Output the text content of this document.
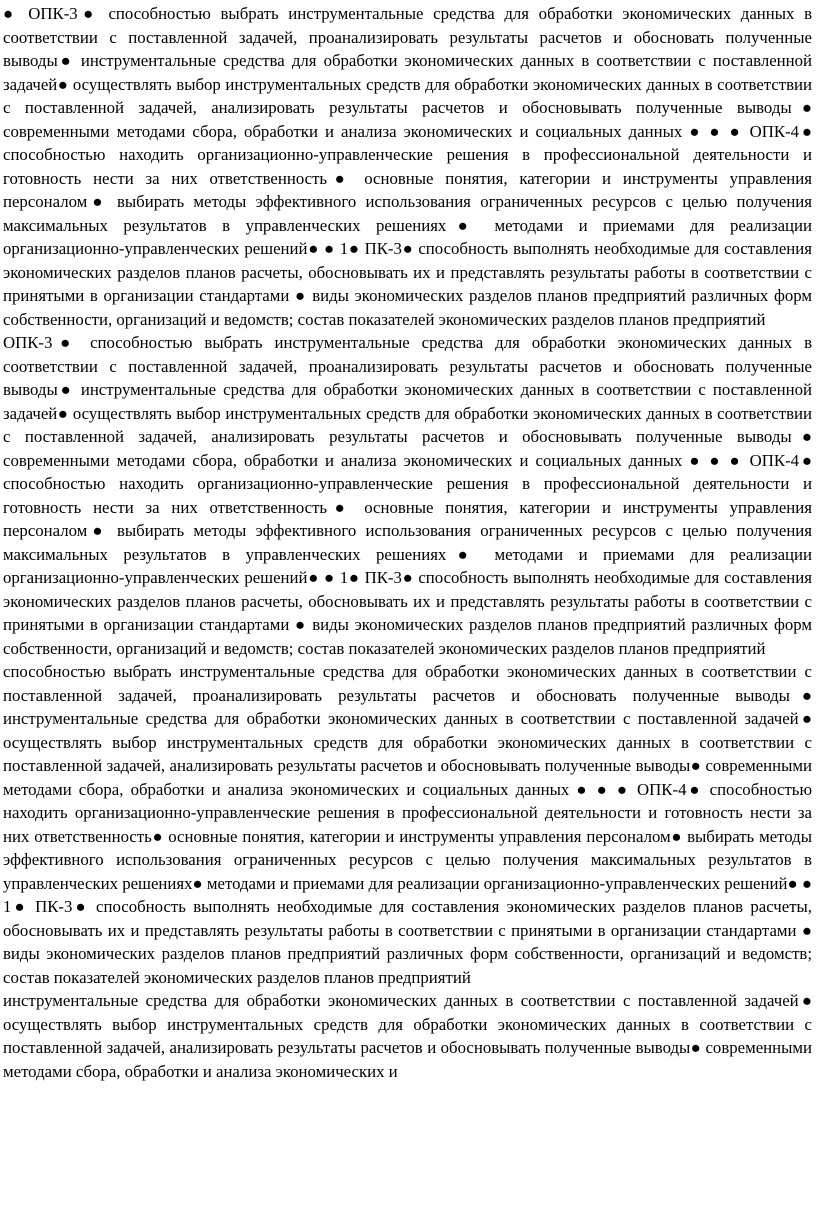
● ОПК-3● способностью выбрать инструментальные средства для обработки экономических данных в соответствии с поставленной задачей, проанализировать результаты расчетов и обосновать полученные выводы● инструментальные средства для обработки экономических данных в соответствии с поставленной задачей● осуществлять выбор инструментальных средств для обработки экономических данных в соответствии с поставленной задачей, анализировать результаты расчетов и обосновывать полученные выводы● современными методами сбора, обработки и анализа экономических и социальных данных ● ● ● ОПК-4● способностью находить организационно-управленческие решения в профессиональной деятельности и готовность нести за них ответственность● основные понятия, категории и инструменты управления персоналом● выбирать методы эффективного использования ограниченных ресурсов с целью получения максимальных результатов в управленческих решениях● методами и приемами для реализации организационно-управленческих решений● ● 1● ПК-3● способность выполнять необходимые для составления экономических разделов планов расчеты, обосновывать их и представлять результаты работы в соответствии с принятыми в организации стандартами ● виды экономических разделов планов предприятий различных форм собственности, организаций и ведомств; состав показателей экономических разделов планов предприятий

ОПК-3● способностью выбрать инструментальные средства для обработки экономических данных в соответствии с поставленной задачей, проанализировать результаты расчетов и обосновать полученные выводы● инструментальные средства для обработки экономических данных в соответствии с поставленной задачей● осуществлять выбор инструментальных средств для обработки экономических данных в соответствии с поставленной задачей, анализировать результаты расчетов и обосновывать полученные выводы● современными методами сбора, обработки и анализа экономических и социальных данных ● ● ● ОПК-4● способностью находить организационно-управленческие решения в профессиональной деятельности и готовность нести за них ответственность● основные понятия, категории и инструменты управления персоналом● выбирать методы эффективного использования ограниченных ресурсов с целью получения максимальных результатов в управленческих решениях● методами и приемами для реализации организационно-управленческих решений● ● 1● ПК-3● способность выполнять необходимые для составления экономических разделов планов расчеты, обосновывать их и представлять результаты работы в соответствии с принятыми в организации стандартами ● виды экономических разделов планов предприятий различных форм собственности, организаций и ведомств; состав показателей экономических разделов планов предприятий

способностью выбрать инструментальные средства для обработки экономических данных в соответствии с поставленной задачей, проанализировать результаты расчетов и обосновать полученные выводы● инструментальные средства для обработки экономических данных в соответствии с поставленной задачей● осуществлять выбор инструментальных средств для обработки экономических данных в соответствии с поставленной задачей, анализировать результаты расчетов и обосновывать полученные выводы● современными методами сбора, обработки и анализа экономических и социальных данных ● ● ● ОПК-4● способностью находить организационно-управленческие решения в профессиональной деятельности и готовность нести за них ответственность● основные понятия, категории и инструменты управления персоналом● выбирать методы эффективного использования ограниченных ресурсов с целью получения максимальных результатов в управленческих решениях● методами и приемами для реализации организационно-управленческих решений● ● 1● ПК-3● способность выполнять необходимые для составления экономических разделов планов расчеты, обосновывать их и представлять результаты работы в соответствии с принятыми в организации стандартами ● виды экономических разделов планов предприятий различных форм собственности, организаций и ведомств; состав показателей экономических разделов планов предприятий

инструментальные средства для обработки экономических данных в соответствии с поставленной задачей● осуществлять выбор инструментальных средств для обработки экономических данных в соответствии с поставленной задачей, анализировать результаты расчетов и обосновывать полученные выводы● современными методами сбора, обработки и анализа экономических и
